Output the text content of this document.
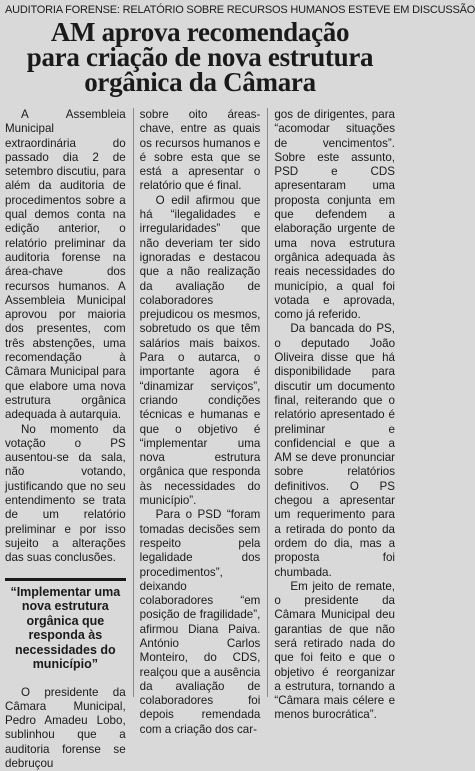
AUDITORIA FORENSE: RELATÓRIO SOBRE RECURSOS HUMANOS ESTEVE EM DISCUSSÃO
AM aprova recomendação
para criação de nova estrutura
orgânica da Câmara

A Assembleia Municipal extraordinária do passado dia 2 de setembro discutiu, para além da auditoria de procedimentos sobre a qual demos conta na edição anterior, o relatório preliminar da auditoria forense na área-chave dos recursos humanos. A Assembleia Municipal aprovou por maioria dos presentes, com três abstenções, uma recomendação à Câmara Municipal para que elabore uma nova estrutura orgânica adequada à autarquia.

No momento da votação o PS ausentou-se da sala, não votando, justificando que no seu entendimento se trata de um relatório preliminar e por isso sujeito a alterações das suas conclusões.

“Implementar uma nova estrutura orgânica que responda às necessidades do município”

O presidente da Câmara Municipal, Pedro Amadeu Lobo, sublinhou que a auditoria forense se debruçou

sobre oito áreas-chave, entre as quais os recursos humanos e é sobre esta que se está a apresentar o relatório que é final.

O edil afirmou que há “ilegalidades e irregularidades” que não deveriam ter sido ignoradas e destacou que a não realização da avaliação de colaboradores prejudicou os mesmos, sobretudo os que têm salários mais baixos. Para o autarca, o importante agora é “dinamizar serviços”, criando condições técnicas e humanas e que o objetivo é “implementar uma nova estrutura orgânica que responda às necessidades do município”.

Para o PSD “foram tomadas decisões sem respeito pela legalidade dos procedimentos”, deixando colaboradores “em posição de fragilidade”, afirmou Diana Paiva. António Carlos Monteiro, do CDS, realçou que a ausência da avaliação de colaboradores foi depois remendada com a criação dos car-

gos de dirigentes, para “acomodar situações de vencimentos”. Sobre este assunto, PSD e CDS apresentaram uma proposta conjunta em que defendem a elaboração urgente de uma nova estrutura orgânica adequada às reais necessidades do município, a qual foi votada e aprovada, como já referido.

Da bancada do PS, o deputado João Oliveira disse que há disponibilidade para discutir um documento final, reiterando que o relatório apresentado é preliminar e confidencial e que a AM se deve pronunciar sobre relatórios definitivos. O PS chegou a apresentar um requerimento para a retirada do ponto da ordem do dia, mas a proposta foi chumbada.

Em jeito de remate, o presidente da Câmara Municipal deu garantias de que não será retirado nada do que foi feito e que o objetivo é reorganizar a estrutura, tornando a “Câmara mais célere e menos burocrática”.
